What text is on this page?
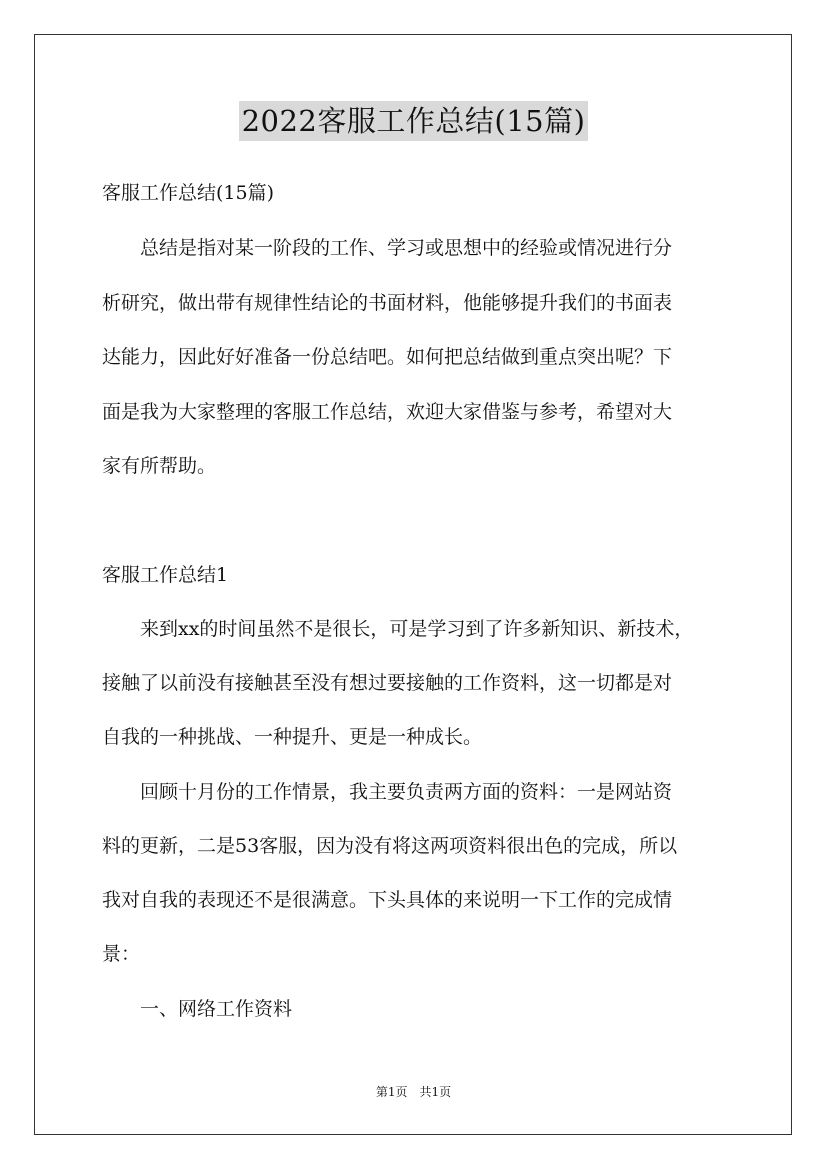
2022客服工作总结(15篇)
客服工作总结(15篇)
　　总结是指对某一阶段的工作、学习或思想中的经验或情况进行分
析研究，做出带有规律性结论的书面材料，他能够提升我们的书面表
达能力，因此好好准备一份总结吧。如何把总结做到重点突出呢？下
面是我为大家整理的客服工作总结，欢迎大家借鉴与参考，希望对大
家有所帮助。
客服工作总结1
　　来到xx的时间虽然不是很长，可是学习到了许多新知识、新技术，
接触了以前没有接触甚至没有想过要接触的工作资料，这一切都是对
自我的一种挑战、一种提升、更是一种成长。
　　回顾十月份的工作情景，我主要负责两方面的资料：一是网站资
料的更新，二是53客服，因为没有将这两项资料很出色的完成，所以
我对自我的表现还不是很满意。下头具体的来说明一下工作的完成情
景：
　　一、网络工作资料
第1页　共1页
